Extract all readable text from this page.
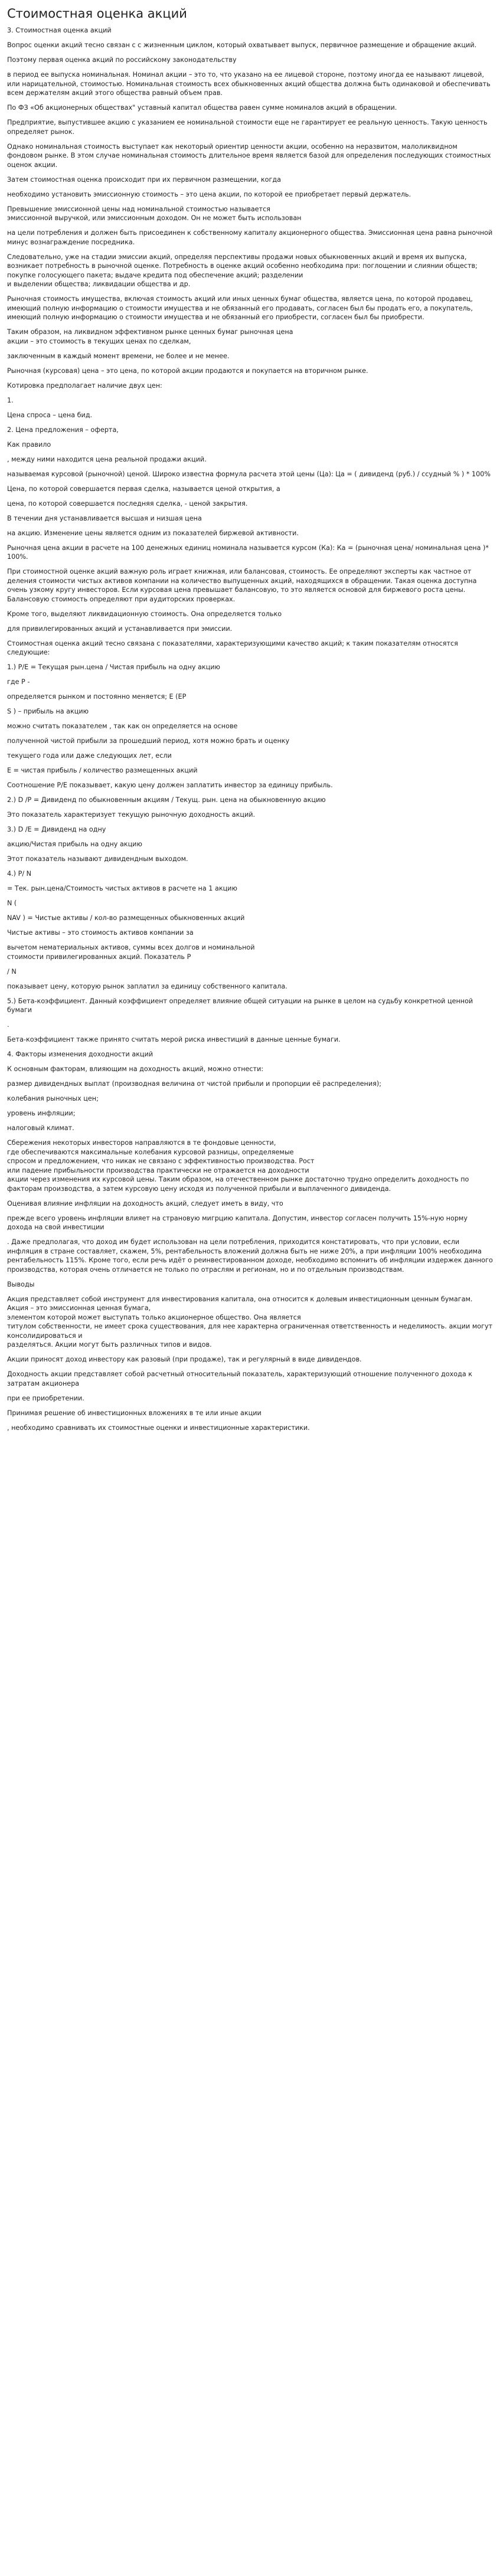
Стоимостная оценка акций

3. Стоимостная оценка акций

Вопрос оценки акций тесно связан с с жизненным циклом, который охватывает выпуск, первичное размещение и обращение акций.

Поэтому первая оценка акций по российскому законодательству

в период ее выпуска номинальная. Номинал акции – это то, что указано на ее лицевой стороне, поэтому иногда ее называют лицевой, или нарицательной, стоимостью. Номинальная стоимость всех обыкновенных акций общества должна быть одинаковой и обеспечивать всем держателям акций этого общества равный объем прав.

По ФЗ «Об акционерных обществах" уставный капитал общества равен сумме номиналов акций в обращении.

Предприятие, выпустившее акцию с указанием ее номинальной стоимости еще не гарантирует ее реальную ценность. Такую ценность определяет рынок.

Однако номинальная стоимость выступает как некоторый ориентир ценности акции, особенно на неразвитом, малоликвидном фондовом рынке. В этом случае номинальная стоимость длительное время является базой для определения последующих стоимостных оценок акции.

Затем стоимостная оценка происходит при их первичном размещении, когда

необходимо установить эмиссионную стоимость – это цена акции, по которой ее приобретает первый держатель.

Превышение эмиссионной цены над номинальной стоимостью называется
эмиссионной выручкой, или эмиссионным доходом. Он не может быть использован

на цели потребления и должен быть присоединен к собственному капиталу акционерного общества. Эмиссионная цена равна рыночной минус вознаграждение посредника.

Следовательно, уже на стадии эмиссии акций, определяя перспективы продажи новых обыкновенных акций и время их выпуска, возникает потребность в рыночной оценке. Потребность в оценке акций особенно необходима при: поглощении и слиянии обществ; покупке голосующего пакета; выдаче кредита под обеспечение акций; разделении
и выделении общества; ликвидации общества и др.

Рыночная стоимость имущества, включая стоимость акций или иных ценных бумаг общества, является цена, по которой продавец, имеющий полную информацию о стоимости имущества и не обязанный его продавать, согласен был бы продать его, а покупатель, имеющий полную информацию о стоимости имущества и не обязанный его приобрести, согласен был бы приобрести.

Таким образом, на ликвидном эффективном рынке ценных бумаг рыночная цена
акции – это стоимость в текущих ценах по сделкам,

заключенным в каждый момент времени, не более и не менее.

Рыночная (курсовая) цена – это цена, по которой акции продаются и покупается на вторичном рынке.

Котировка предполагает наличие двух цен:

1.

Цена спроса – цена бид.

2. Цена предложения – оферта,

Как правило

, между ними находится цена реальной продажи акций.

называемая курсовой (рыночной) ценой. Широко известна формула расчета этой цены (Цa): Цa = ( дивиденд (руб.) / ссудный % ) * 100%

Цена, по которой совершается первая сделка, называется ценой открытия, а

цена, по которой совершается последняя сделка, - ценой закрытия.

В течении дня устанавливается высшая и низшая цена

на акцию. Изменение цены является одним из показателей биржевой активности.

Рыночная цена акции в расчете на 100 денежных единиц номинала называется курсом (Ка): Ка = (рыночная цена/ номинальная цена )* 100%.

При стоимостной оценке акций важную роль играет книжная, или балансовая, стоимость. Ее определяют эксперты как частное от деления стоимости чистых активов компании на количество выпущенных акций, находящихся в обращении. Такая оценка доступна очень узкому кругу инвесторов. Если курсовая цена превышает балансовую, то это является основой для биржевого роста цены. Балансовую стоимость определяют при аудиторских проверках.

Кроме того, выделяют ликвидационную стоимость. Она определяется только

для привилегированных акций и устанавливается при эмиссии.

Стоимостная оценка акций тесно связана с показателями, характеризующими качество акций; к таким показателям относятся следующие:

1.) P/E = Текущая рын.цена / Чистая прибыль на одну акцию

где P -

определяется рынком и постоянно меняется; E (EP

S ) – прибыль на акцию

можно считать показателем , так как он определяется на основе

полученной чистой прибыли за прошедший период, хотя можно брать и оценку

текущего года или даже следующих лет, если

E = чистая прибыль / количество размещенных акций

Соотношение P/E показывает, какую цену должен заплатить инвестор за единицу прибыль.

2.) D /P = Дивиденд по обыкновенным акциям / Текущ. рын. цена на обыкновенную акцию

Это показатель характеризует текущую рыночную доходность акций.

3.) D /E = Дивиденд на одну

акцию/Чистая прибыль на одну акцию

Этот показатель называют дивидендным выходом.

4.) P/ N

= Тек. рын.цена/Стоимость чистых активов в расчете на 1 акцию

N (

NAV ) = Чистые активы / кол-во размещенных обыкновенных акций

Чистые активы – это стоимость активов компании за

вычетом нематериальных активов, суммы всех долгов и номинальной
стоимости привилегированных акций. Показатель P

/ N

показывает цену, которую рынок заплатил за единицу собственного капитала.

5.) Бета-коэффициент. Данный коэффициент определяет влияние общей ситуации на рынке в целом на судьбу конкретной ценной бумаги

.

Бета-коэффициент также принято считать мерой риска инвестиций в данные ценные бумаги.

4. Факторы изменения доходности акций

К основным факторам, влияющим на доходность акций, можно отнести:

размер дивидендных выплат (производная величина от чистой прибыли и пропорции её распределения);

колебания рыночных цен;

уровень инфляции;

налоговый климат.

Сбережения некоторых инвесторов направляются в те фондовые ценности,
где обеспечиваются максимальные колебания курсовой разницы, определяемые
спросом и предложением, что никак не связано с эффективностью производства. Рост
или падение прибыльности производства практически не отражается на доходности
акции через изменения их курсовой цены. Таким образом, на отечественном рынке достаточно трудно определить доходность по факторам производства, а затем курсовую цену исходя из полученной прибыли и выплаченного дивиденда.

Оценивая влияние инфляции на доходность акций, следует иметь в виду, что

прежде всего уровень инфляции влияет на страновую мигрцию капитала. Допустим, инвестор согласен получить 15%-ную норму дохода на свой инвестиции

. Даже предполагая, что доход им будет использован на цели потребления, приходится констатировать, что при условии, если инфляция в стране составляет, скажем, 5%, рентабельность вложений должна быть не ниже 20%, а при инфляции 100% необходима рентабельность 115%. Кроме того, если речь идёт о реинвестированном доходе, необходимо вспомнить об инфляции издержек данного производства, которая очень отличается не только по отраслям и регионам, но и по отдельным производствам.

Выводы

Акция представляет собой инструмент для инвестирования капитала, она относится к долевым инвестиционным ценным бумагам. Акция – это эмиссионная ценная бумага,
элементом которой может выступать только акционерное общество. Она является
титулом собственности, не имеет срока существования, для нее характерна ограниченная ответственность и неделимость. акции могут консолидироваться и
разделяться. Акции могут быть различных типов и видов.

Акции приносят доход инвестору как разовый (при продаже), так и регулярный в виде дивидендов.

Доходность акции представляет собой расчетный относительный показатель, характеризующий отношение полученного дохода к затратам акционера

при ее приобретении.

Принимая решение об инвестиционных вложениях в те или иные акции

, необходимо сравнивать их стоимостные оценки и инвестиционные характеристики.
